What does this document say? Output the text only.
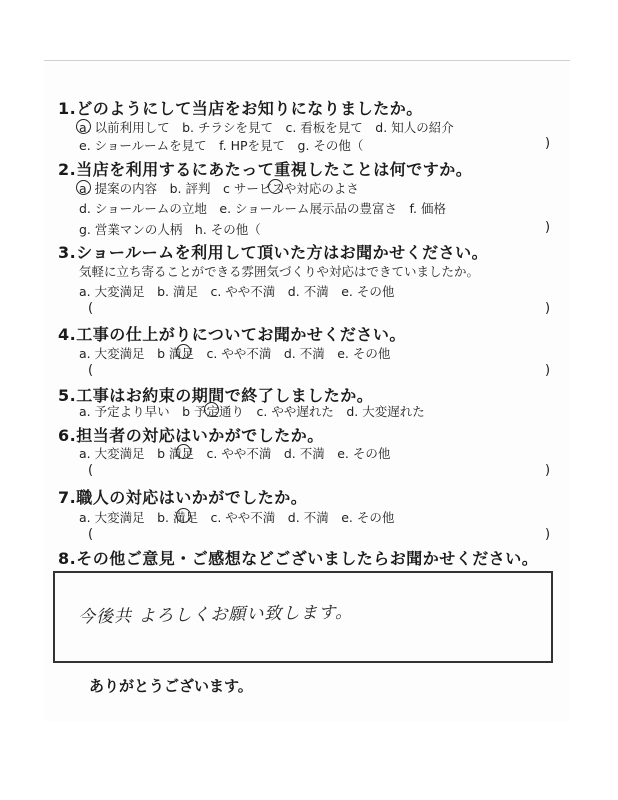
1.どのようにして当店をお知りになりましたか。
a. 以前利用して　b. チラシを見て　c. 看板を見て　d. 知人の紹介
e. ショールームを見て　f. HPを見て　g. その他（	)
2.当店を利用するにあたって重視したことは何ですか。
a. 提案の内容　b. 評判　c サービスや対応のよさ
d. ショールームの立地　e. ショールーム展示品の豊富さ　f. 価格
g. 営業マンの人柄　h. その他（	)
3.ショールームを利用して頂いた方はお聞かせください。
気軽に立ち寄ることができる雰囲気づくりや対応はできていましたか。
a. 大変満足　b. 満足　c. やや不満　d. 不満　e. その他
(	)
4.工事の仕上がりについてお聞かせください。
a. 大変満足　b 満足　c. やや不満　d. 不満　e. その他
(	)
5.工事はお約束の期間で終了しましたか。
a. 予定より早い　b 予定通り　c. やや遅れた　d. 大変遅れた
6.担当者の対応はいかがでしたか。
a. 大変満足　b 満足　c. やや不満　d. 不満　e. その他
(	)
7.職人の対応はいかがでしたか。
a. 大変満足　b. 満足　c. やや不満　d. 不満　e. その他
(	)
8.その他ご意見・ご感想などございましたらお聞かせください。
今後共 よろしくお願い致します。
ありがとうございます。
